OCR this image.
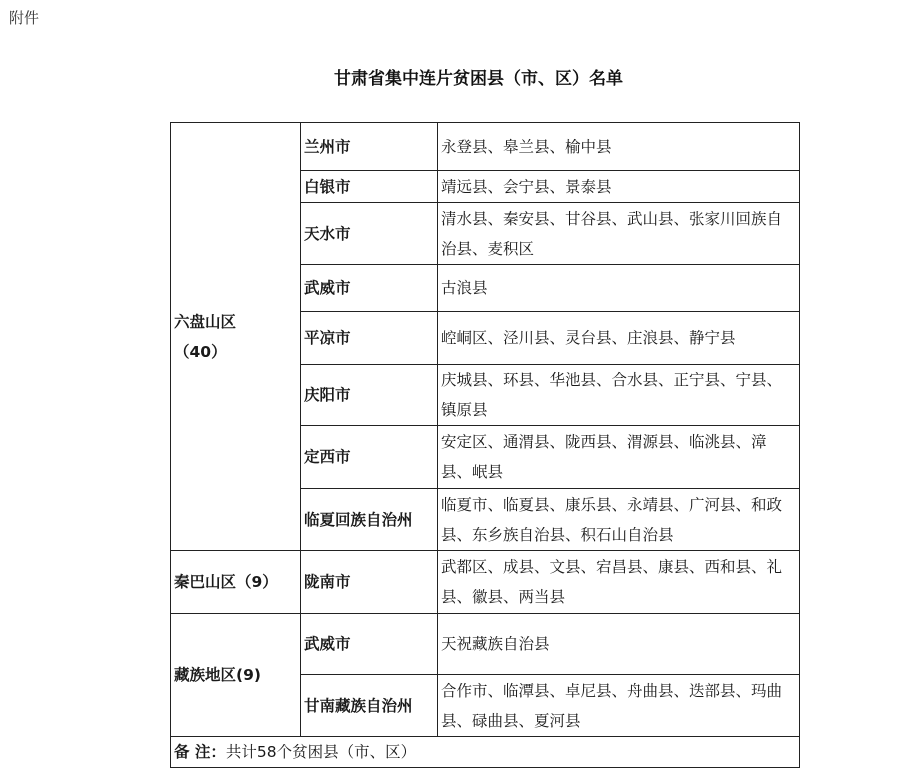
附件
甘肃省集中连片贫困县（市、区）名单
六盘山区
（40）	兰州市	永登县、皋兰县、榆中县
	白银市	靖远县、会宁县、景泰县
	天水市	清水县、秦安县、甘谷县、武山县、张家川回族自治县、麦积区
	武威市	古浪县
	平凉市	崆峒区、泾川县、灵台县、庄浪县、静宁县
	庆阳市	庆城县、环县、华池县、合水县、正宁县、宁县、镇原县
	定西市	安定区、通渭县、陇西县、渭源县、临洮县、漳县、岷县
	临夏回族自治州	临夏市、临夏县、康乐县、永靖县、广河县、和政县、东乡族自治县、积石山自治县
秦巴山区（9）	陇南市	武都区、成县、文县、宕昌县、康县、西和县、礼县、徽县、两当县
藏族地区(9)	武威市	天祝藏族自治县
	甘南藏族自治州	合作市、临潭县、卓尼县、舟曲县、迭部县、玛曲县、碌曲县、夏河县
备 注：共计58个贫困县（市、区）		
